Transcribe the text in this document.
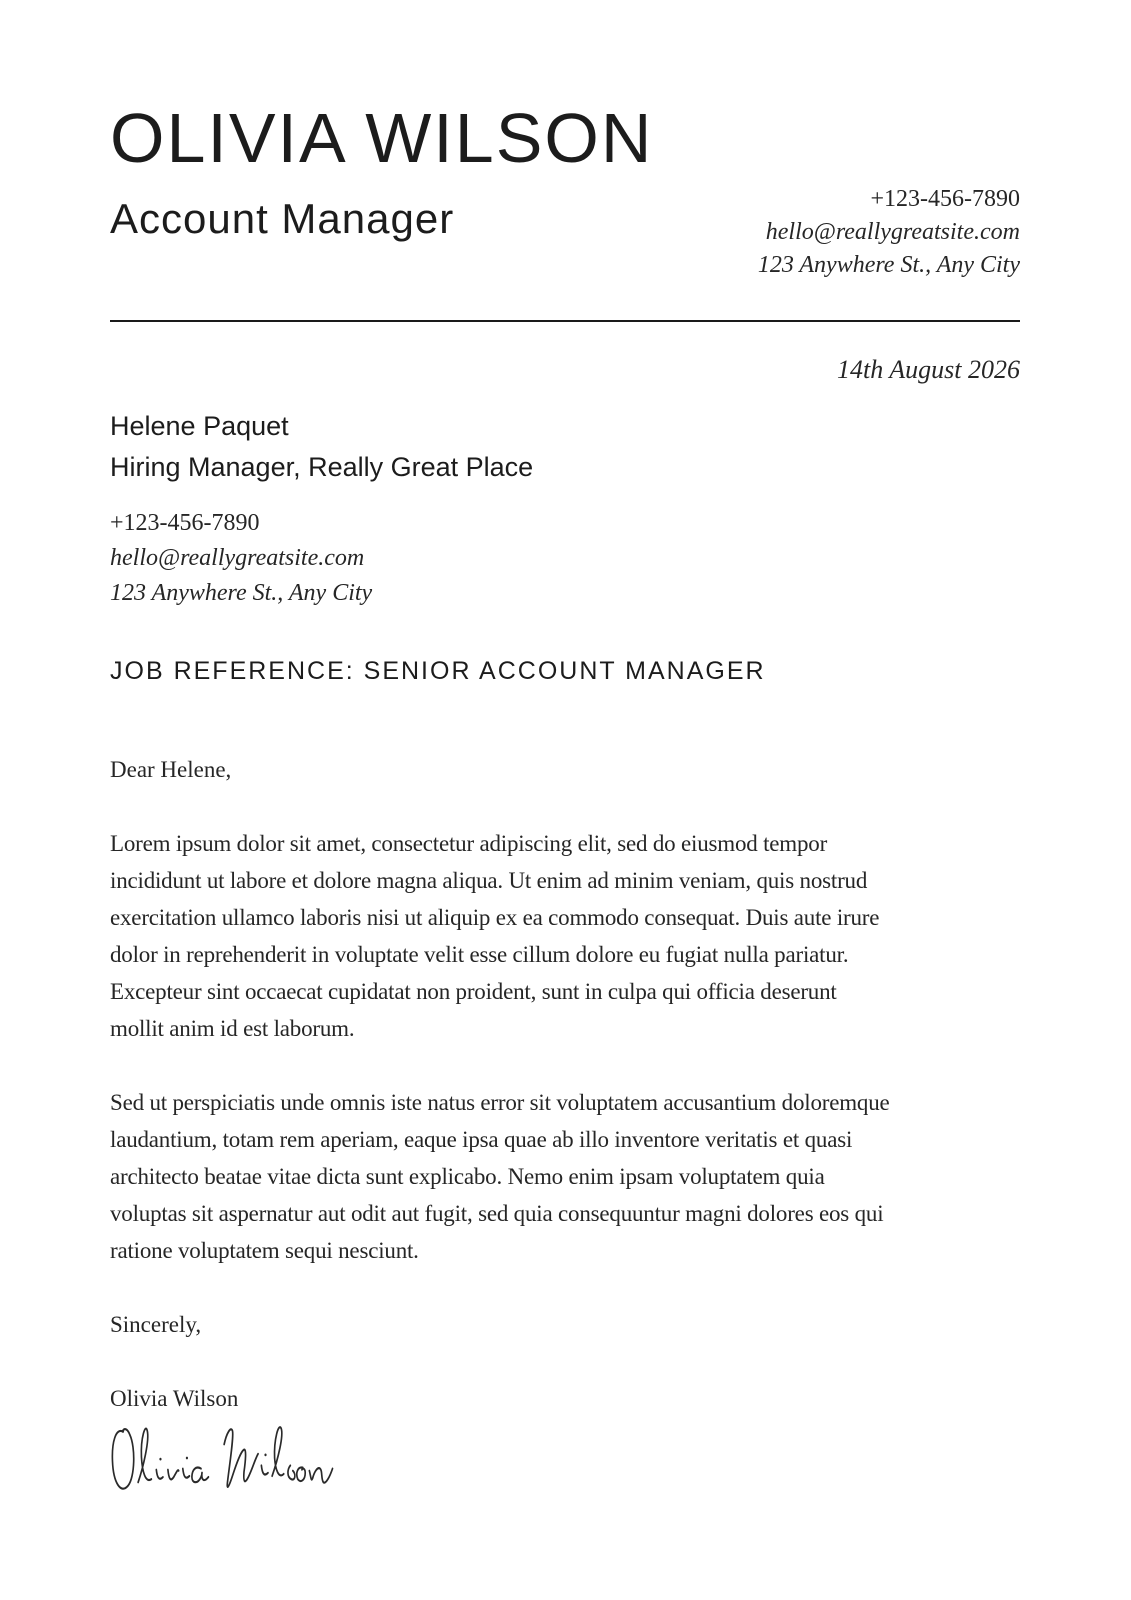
OLIVIA WILSON
Account Manager	+123-456-7890
hello@reallygreatsite.com
123 Anywhere St., Any City
14th August 2026
Helene Paquet
Hiring Manager, Really Great Place
+123-456-7890
hello@reallygreatsite.com
123 Anywhere St., Any City
JOB REFERENCE: SENIOR ACCOUNT MANAGER
Dear Helene,

Lorem ipsum dolor sit amet, consectetur adipiscing elit, sed do eiusmod tempor
incididunt ut labore et dolore magna aliqua. Ut enim ad minim veniam, quis nostrud
exercitation ullamco laboris nisi ut aliquip ex ea commodo consequat. Duis aute irure
dolor in reprehenderit in voluptate velit esse cillum dolore eu fugiat nulla pariatur.
Excepteur sint occaecat cupidatat non proident, sunt in culpa qui officia deserunt
mollit anim id est laborum.

Sed ut perspiciatis unde omnis iste natus error sit voluptatem accusantium doloremque
laudantium, totam rem aperiam, eaque ipsa quae ab illo inventore veritatis et quasi
architecto beatae vitae dicta sunt explicabo. Nemo enim ipsam voluptatem quia
voluptas sit aspernatur aut odit aut fugit, sed quia consequuntur magni dolores eos qui
ratione voluptatem sequi nesciunt.

Sincerely,
Olivia Wilson
